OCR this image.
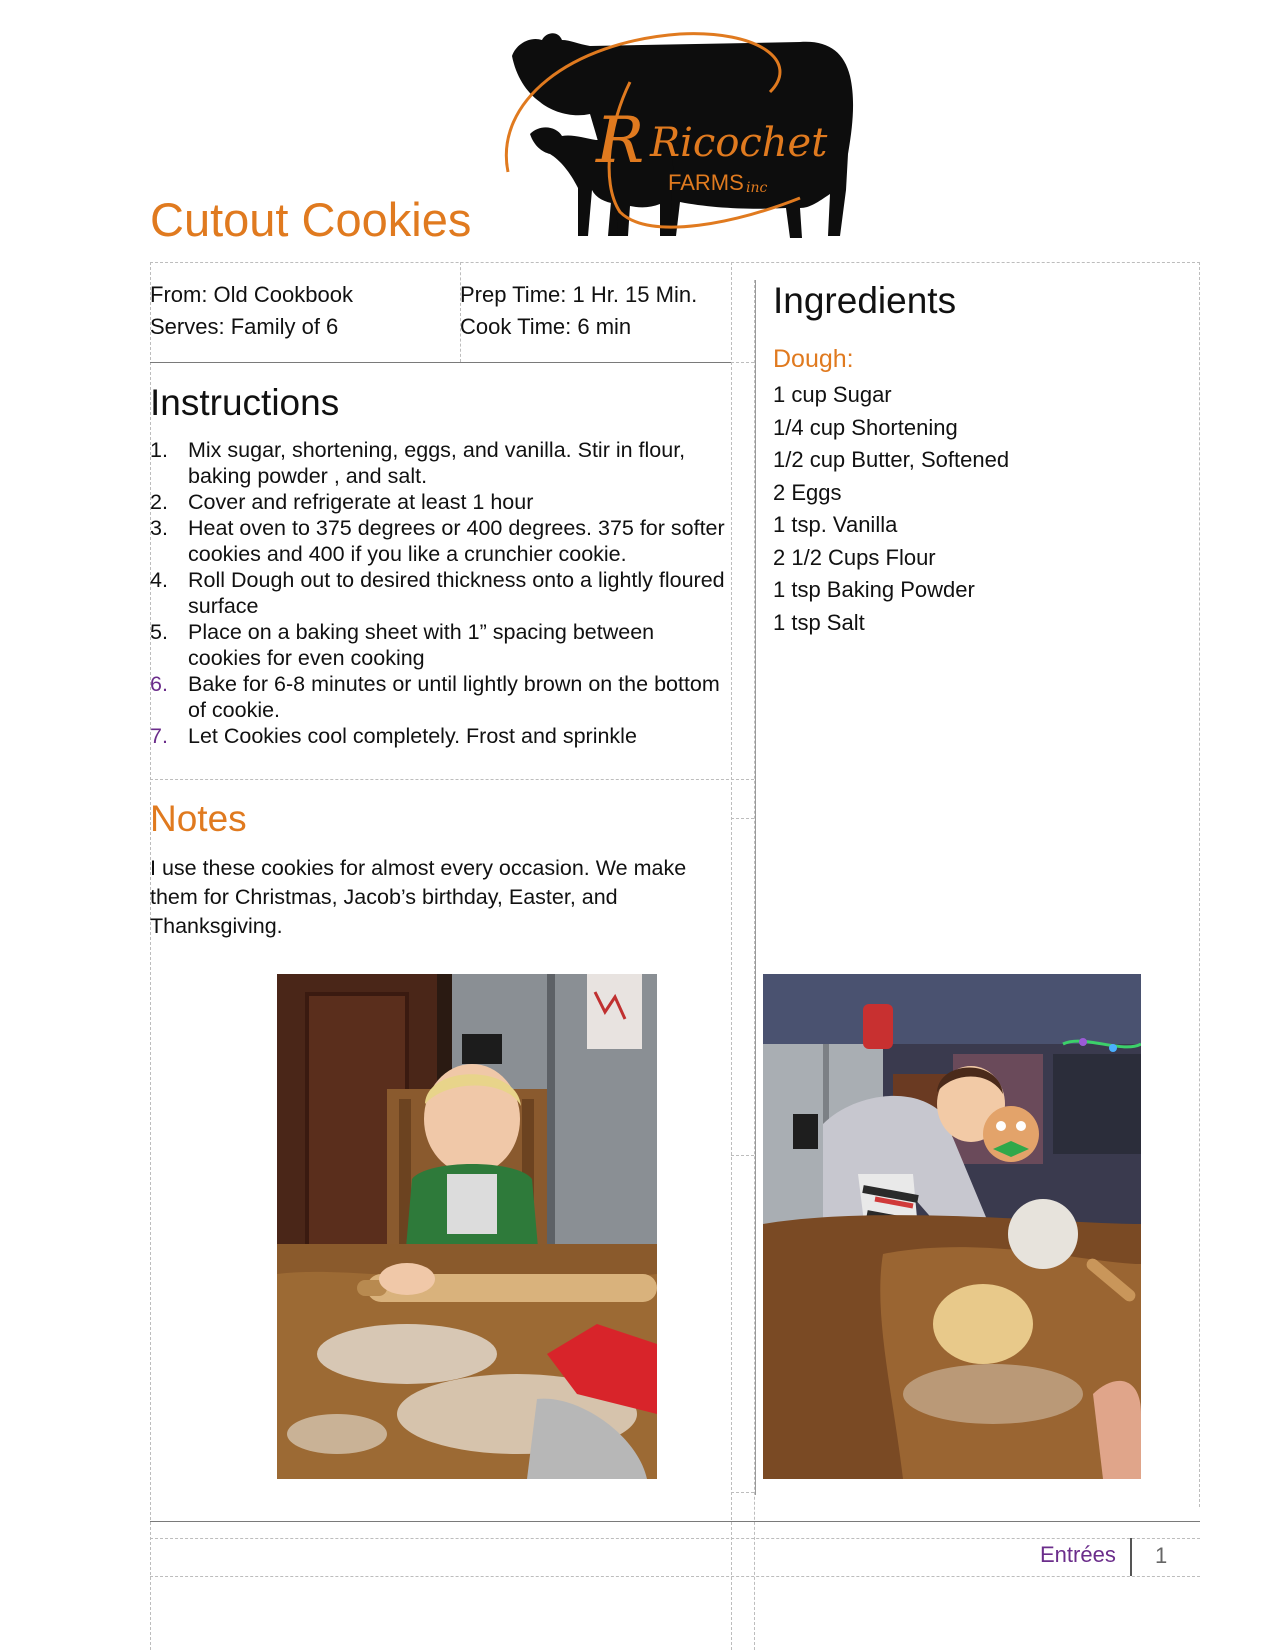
R Ricochet
FARMS inc
Cutout Cookies
From: Old Cookbook
Serves: Family of 6
Prep Time: 1 Hr. 15 Min.
Cook Time: 6 min
Instructions
1. Mix sugar, shortening, eggs, and vanilla. Stir in flour, baking powder , and salt.
2. Cover and refrigerate at least 1 hour
3. Heat oven to 375 degrees or 400 degrees. 375 for softer cookies and 400 if you like a crunchier cookie.
4. Roll Dough out to desired thickness onto a lightly floured surface
5. Place on a baking sheet with 1” spacing between cookies for even cooking
6. Bake for 6-8 minutes or until lightly brown on the bottom of cookie.
7. Let Cookies cool completely. Frost and sprinkle
Notes
I use these cookies for almost every occasion. We make them for Christmas, Jacob’s birthday, Easter, and Thanksgiving.
Ingredients
Dough:
1 cup Sugar
1/4 cup Shortening
1/2 cup Butter, Softened
2 Eggs
1 tsp. Vanilla
2 1/2 Cups Flour
1 tsp Baking Powder
1 tsp Salt
Entrées 1
